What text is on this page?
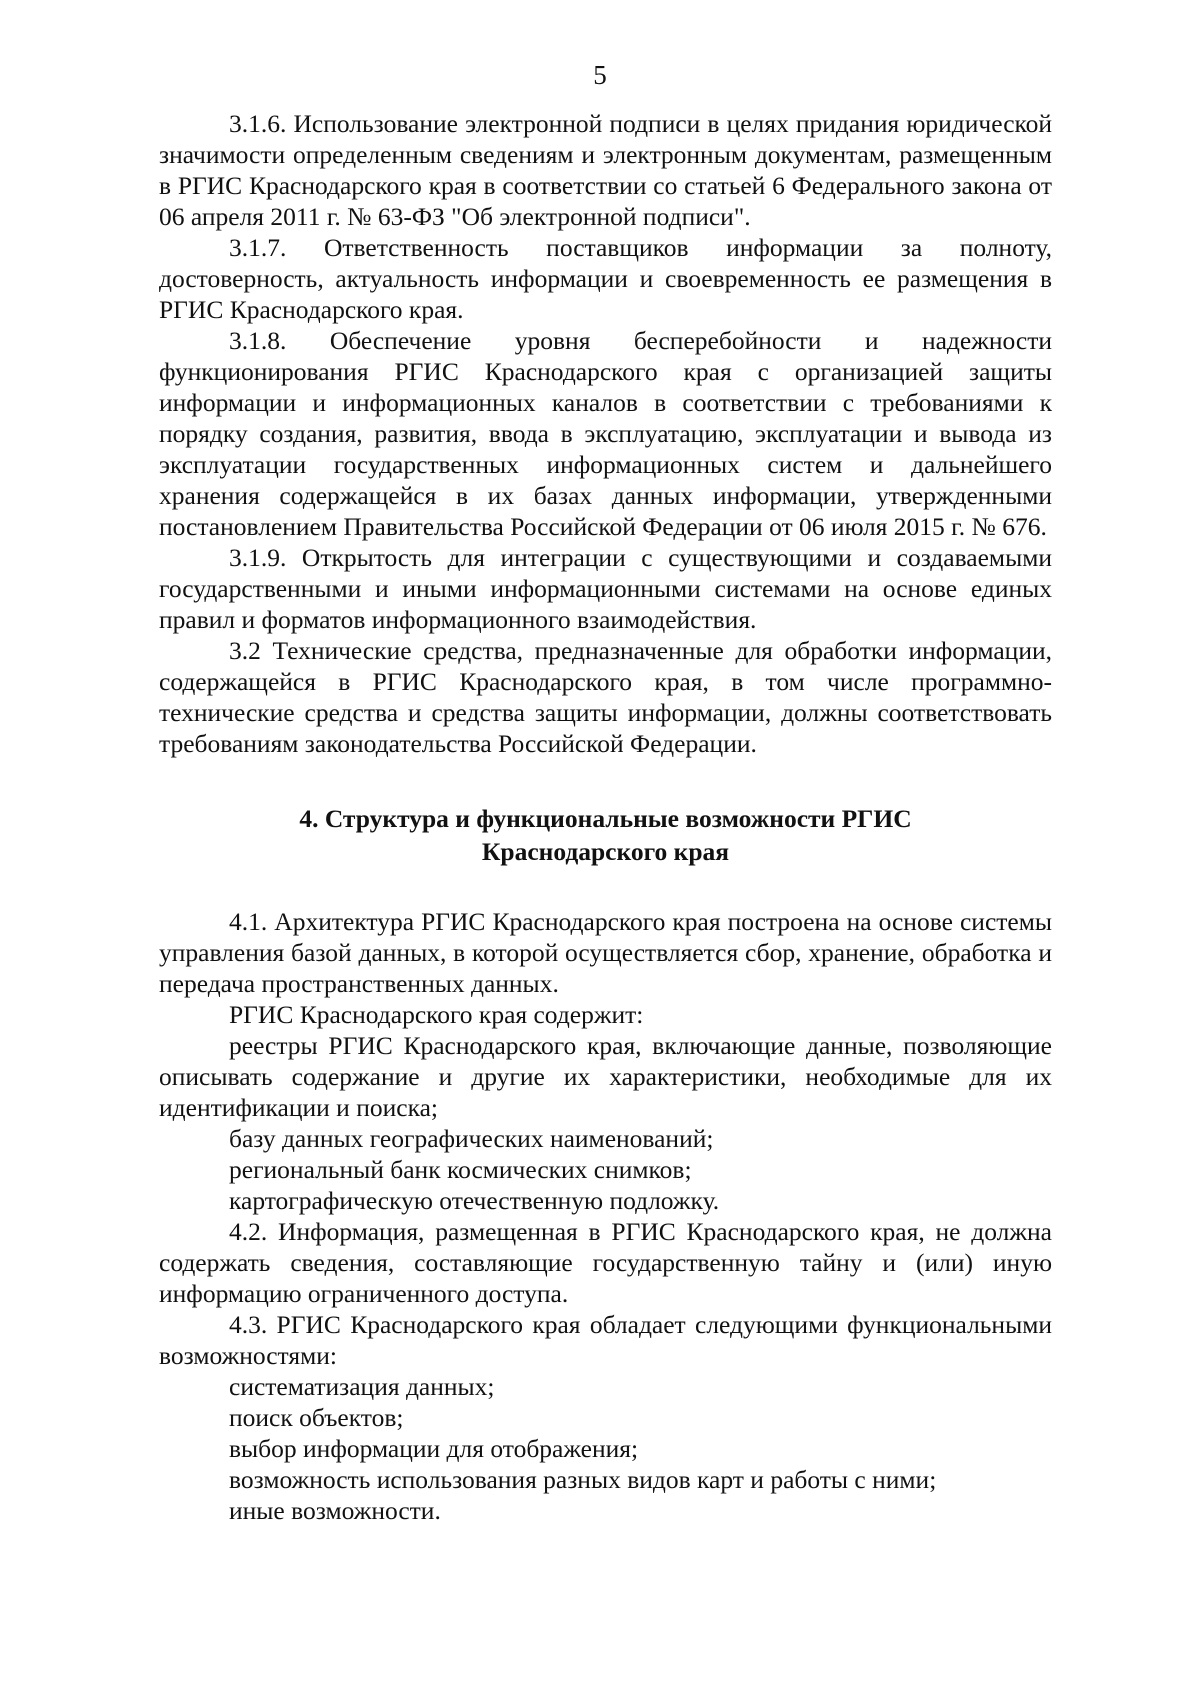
5

3.1.6. Использование электронной подписи в целях придания юридической значимости определенным сведениям и электронным документам, размещенным в РГИС Краснодарского края в соответствии со статьей 6 Федерального закона от 06 апреля 2011 г. № 63-ФЗ "Об электронной подписи".

3.1.7. Ответственность поставщиков информации за полноту, достоверность, актуальность информации и своевременность ее размещения в РГИС Краснодарского края.

3.1.8. Обеспечение уровня бесперебойности и надежности функционирования РГИС Краснодарского края с организацией защиты информации и информационных каналов в соответствии с требованиями к порядку создания, развития, ввода в эксплуатацию, эксплуатации и вывода из эксплуатации государственных информационных систем и дальнейшего хранения содержащейся в их базах данных информации, утвержденными постановлением Правительства Российской Федерации от 06 июля 2015 г. № 676.

3.1.9. Открытость для интеграции с существующими и создаваемыми государственными и иными информационными системами на основе единых правил и форматов информационного взаимодействия.

3.2 Технические средства, предназначенные для обработки информации, содержащейся в РГИС Краснодарского края, в том числе программно-технические средства и средства защиты информации, должны соответствовать требованиям законодательства Российской Федерации.

4. Структура и функциональные возможности РГИС
Краснодарского края

4.1. Архитектура РГИС Краснодарского края построена на основе системы управления базой данных, в которой осуществляется сбор, хранение, обработка и передача пространственных данных.

РГИС Краснодарского края содержит:

реестры РГИС Краснодарского края, включающие данные, позволяющие описывать содержание и другие их характеристики, необходимые для их идентификации и поиска;

базу данных географических наименований;

региональный банк космических снимков;

картографическую отечественную подложку.

4.2. Информация, размещенная в РГИС Краснодарского края, не должна содержать сведения, составляющие государственную тайну и (или) иную информацию ограниченного доступа.

4.3. РГИС Краснодарского края обладает следующими функциональными возможностями:

систематизация данных;

поиск объектов;

выбор информации для отображения;

возможность использования разных видов карт и работы с ними;

иные возможности.
